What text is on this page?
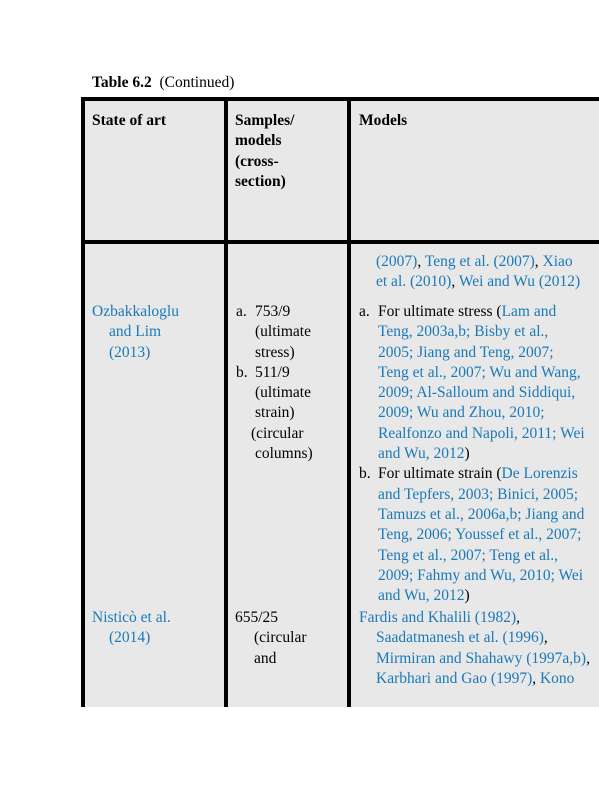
Table 6.2 (Continued)
State of art	Samples/
models
(cross-
section)
Models
(2007), Teng et al. (2007), Xiao
et al. (2010), Wei and Wu (2012)
Ozbakkaloglu
and Lim
(2013)
a. 753/9
(ultimate
stress)
b. 511/9
(ultimate
strain)
(circular
columns)
a. For ultimate stress (Lam and
Teng, 2003a,b; Bisby et al.,
2005; Jiang and Teng, 2007;
Teng et al., 2007; Wu and Wang,
2009; Al-Salloum and Siddiqui,
2009; Wu and Zhou, 2010;
Realfonzo and Napoli, 2011; Wei
and Wu, 2012)
b. For ultimate strain (De Lorenzis
and Tepfers, 2003; Binici, 2005;
Tamuzs et al., 2006a,b; Jiang and
Teng, 2006; Youssef et al., 2007;
Teng et al., 2007; Teng et al.,
2009; Fahmy and Wu, 2010; Wei
and Wu, 2012)
Nisticò et al.
(2014)
655/25
(circular
and
Fardis and Khalili (1982),
Saadatmanesh et al. (1996),
Mirmiran and Shahawy (1997a,b),
Karbhari and Gao (1997), Kono
